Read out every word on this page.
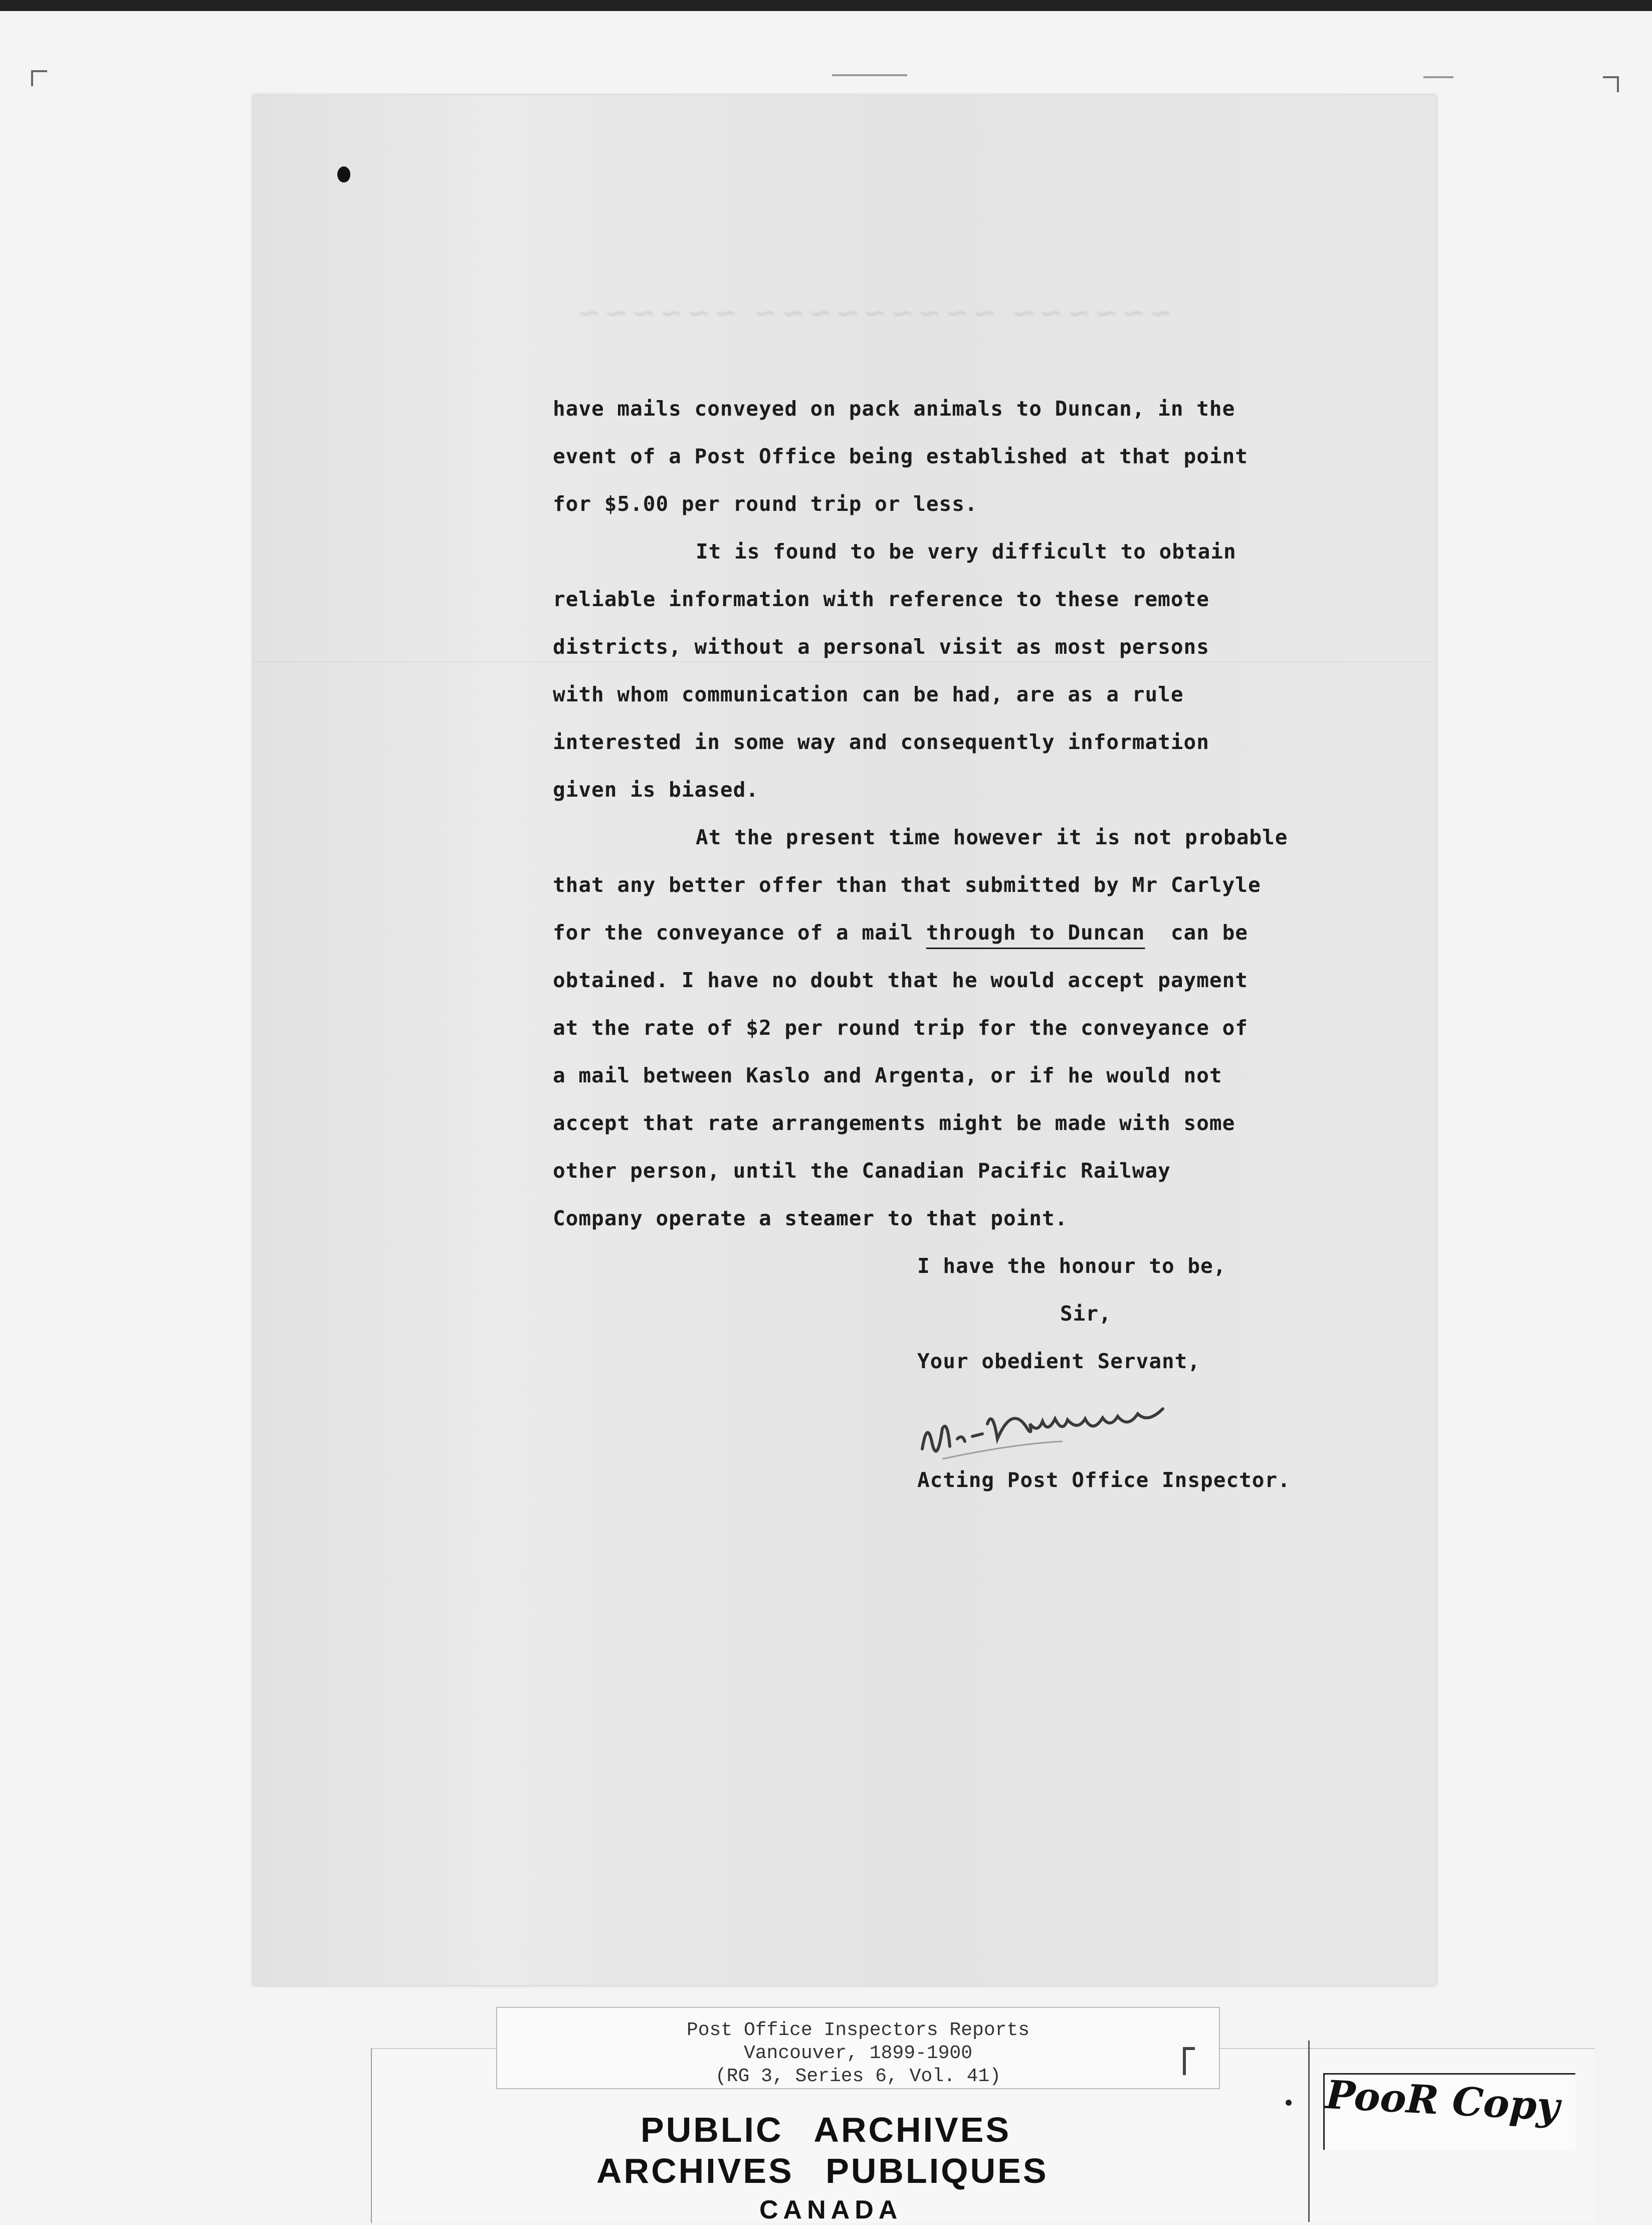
~~~~~~ ~~~~~~~~~ ~~~~~~
have mails conveyed on pack animals to Duncan, in the
event of a Post Office being established at that point
for $5.00 per round trip or less.
It is found to be very difficult to obtain
reliable information with reference to these remote
districts, without a personal visit as most persons
with whom communication can be had, are as a rule
interested in some way and consequently information
given is biased.
At the present time however it is not probable
that any better offer than that submitted by Mr Carlyle
for the conveyance of a mail through to Duncan  can be
obtained. I have no doubt that he would accept payment
at the rate of $2 per round trip for the conveyance of
a mail between Kaslo and Argenta, or if he would not
accept that rate arrangements might be made with some
other person, until the Canadian Pacific Railway
Company operate a steamer to that point.
I have the honour to be,
Sir,
Your obedient Servant,
Acting Post Office Inspector.
Post Office Inspectors Reports
Vancouver, 1899-1900
(RG 3, Series 6, Vol. 41)
PUBLIC ARCHIVES
ARCHIVES PUBLIQUES
CANADA
PooR Copy
